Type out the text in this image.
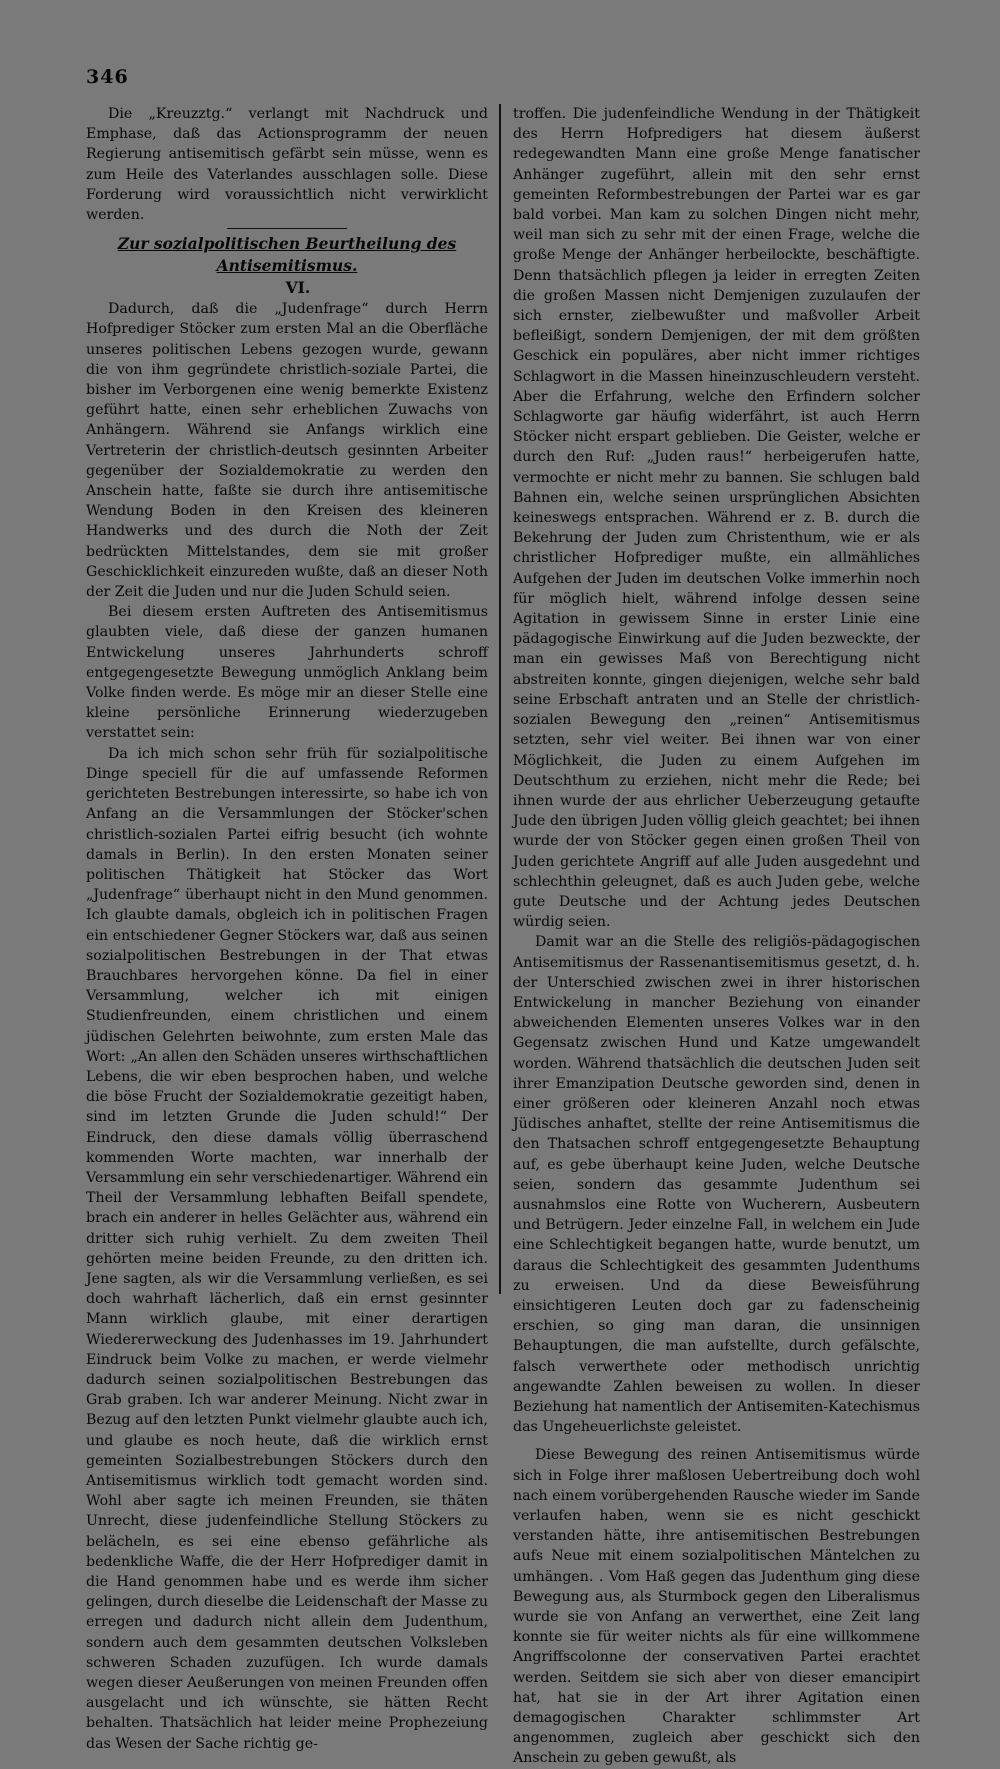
346

Die „Kreuzztg.“ verlangt mit Nachdruck und Emphase, daß das Actionsprogramm der neuen Regierung antisemitisch gefärbt sein müsse, wenn es zum Heile des Vaterlandes ausschlagen solle. Diese Forderung wird voraussichtlich nicht verwirklicht werden.

Zur sozialpolitischen Beurtheilung des Antisemitismus.

VI.

Dadurch, daß die „Judenfrage“ durch Herrn Hofprediger Stöcker zum ersten Mal an die Oberfläche unseres politischen Lebens gezogen wurde, gewann die von ihm gegründete christlich-soziale Partei, die bisher im Verborgenen eine wenig bemerkte Existenz geführt hatte, einen sehr erheblichen Zuwachs von Anhängern. Während sie Anfangs wirklich eine Vertreterin der christlich-deutsch gesinnten Arbeiter gegenüber der Sozialdemokratie zu werden den Anschein hatte, faßte sie durch ihre antisemitische Wendung Boden in den Kreisen des kleineren Handwerks und des durch die Noth der Zeit bedrückten Mittelstandes, dem sie mit großer Geschicklichkeit einzureden wußte, daß an dieser Noth der Zeit die Juden und nur die Juden Schuld seien.

Bei diesem ersten Auftreten des Antisemitismus glaubten viele, daß diese der ganzen humanen Entwickelung unseres Jahrhunderts schroff entgegengesetzte Bewegung unmöglich Anklang beim Volke finden werde. Es möge mir an dieser Stelle eine kleine persönliche Erinnerung wiederzugeben verstattet sein:

Da ich mich schon sehr früh für sozialpolitische Dinge speciell für die auf umfassende Reformen gerichteten Bestrebungen interessirte, so habe ich von Anfang an die Versammlungen der Stöcker'schen christlich-sozialen Partei eifrig besucht (ich wohnte damals in Berlin). In den ersten Monaten seiner politischen Thätigkeit hat Stöcker das Wort „Judenfrage“ überhaupt nicht in den Mund genommen. Ich glaubte damals, obgleich ich in politischen Fragen ein entschiedener Gegner Stöckers war, daß aus seinen sozialpolitischen Bestrebungen in der That etwas Brauchbares hervorgehen könne. Da fiel in einer Versammlung, welcher ich mit einigen Studienfreunden, einem christlichen und einem jüdischen Gelehrten beiwohnte, zum ersten Male das Wort: „An allen den Schäden unseres wirthschaftlichen Lebens, die wir eben besprochen haben, und welche die böse Frucht der Sozialdemokratie gezeitigt haben, sind im letzten Grunde die Juden schuld!“ Der Eindruck, den diese damals völlig überraschend kommenden Worte machten, war innerhalb der Versammlung ein sehr verschiedenartiger. Während ein Theil der Versammlung lebhaften Beifall spendete, brach ein anderer in helles Gelächter aus, während ein dritter sich ruhig verhielt. Zu dem zweiten Theil gehörten meine beiden Freunde, zu den dritten ich. Jene sagten, als wir die Versammlung verließen, es sei doch wahrhaft lächerlich, daß ein ernst gesinnter Mann wirklich glaube, mit einer derartigen Wiedererweckung des Judenhasses im 19. Jahrhundert Eindruck beim Volke zu machen, er werde vielmehr dadurch seinen sozialpolitischen Bestrebungen das Grab graben. Ich war anderer Meinung. Nicht zwar in Bezug auf den letzten Punkt vielmehr glaubte auch ich, und glaube es noch heute, daß die wirklich ernst gemeinten Sozialbestrebungen Stöckers durch den Antisemitismus wirklich todt gemacht worden sind. Wohl aber sagte ich meinen Freunden, sie thäten Unrecht, diese judenfeindliche Stellung Stöckers zu belächeln, es sei eine ebenso gefährliche als bedenkliche Waffe, die der Herr Hofprediger damit in die Hand genommen habe und es werde ihm sicher gelingen, durch dieselbe die Leidenschaft der Masse zu erregen und dadurch nicht allein dem Judenthum, sondern auch dem gesammten deutschen Volksleben schweren Schaden zuzufügen. Ich wurde damals wegen dieser Aeußerungen von meinen Freunden offen ausgelacht und ich wünschte, sie hätten Recht behalten. Thatsächlich hat leider meine Prophezeiung das Wesen der Sache richtig ge-

troffen. Die judenfeindliche Wendung in der Thätigkeit des Herrn Hofpredigers hat diesem äußerst redegewandten Mann eine große Menge fanatischer Anhänger zugeführt, allein mit den sehr ernst gemeinten Reformbestrebungen der Partei war es gar bald vorbei. Man kam zu solchen Dingen nicht mehr, weil man sich zu sehr mit der einen Frage, welche die große Menge der Anhänger herbeilockte, beschäftigte. Denn thatsächlich pflegen ja leider in erregten Zeiten die großen Massen nicht Demjenigen zuzulaufen der sich ernster, zielbewußter und maßvoller Arbeit befleißigt, sondern Demjenigen, der mit dem größten Geschick ein populäres, aber nicht immer richtiges Schlagwort in die Massen hineinzuschleudern versteht. Aber die Erfahrung, welche den Erfindern solcher Schlagworte gar häufig widerfährt, ist auch Herrn Stöcker nicht erspart geblieben. Die Geister, welche er durch den Ruf: „Juden raus!“ herbeigerufen hatte, vermochte er nicht mehr zu bannen. Sie schlugen bald Bahnen ein, welche seinen ursprünglichen Absichten keineswegs entsprachen. Während er z. B. durch die Bekehrung der Juden zum Christenthum, wie er als christlicher Hofprediger mußte, ein allmähliches Aufgehen der Juden im deutschen Volke immerhin noch für möglich hielt, während infolge dessen seine Agitation in gewissem Sinne in erster Linie eine pädagogische Einwirkung auf die Juden bezweckte, der man ein gewisses Maß von Berechtigung nicht abstreiten konnte, gingen diejenigen, welche sehr bald seine Erbschaft antraten und an Stelle der christlich-sozialen Bewegung den „reinen“ Antisemitismus setzten, sehr viel weiter. Bei ihnen war von einer Möglichkeit, die Juden zu einem Aufgehen im Deutschthum zu erziehen, nicht mehr die Rede; bei ihnen wurde der aus ehrlicher Ueberzeugung getaufte Jude den übrigen Juden völlig gleich geachtet; bei ihnen wurde der von Stöcker gegen einen großen Theil von Juden gerichtete Angriff auf alle Juden ausgedehnt und schlechthin geleugnet, daß es auch Juden gebe, welche gute Deutsche und der Achtung jedes Deutschen würdig seien.

Damit war an die Stelle des religiös-pädagogischen Antisemitismus der Rassenantisemitismus gesetzt, d. h. der Unterschied zwischen zwei in ihrer historischen Entwickelung in mancher Beziehung von einander abweichenden Elementen unseres Volkes war in den Gegensatz zwischen Hund und Katze umgewandelt worden. Während thatsächlich die deutschen Juden seit ihrer Emanzipation Deutsche geworden sind, denen in einer größeren oder kleineren Anzahl noch etwas Jüdisches anhaftet, stellte der reine Antisemitismus die den Thatsachen schroff entgegengesetzte Behauptung auf, es gebe überhaupt keine Juden, welche Deutsche seien, sondern das gesammte Judenthum sei ausnahmslos eine Rotte von Wucherern, Ausbeutern und Betrügern. Jeder einzelne Fall, in welchem ein Jude eine Schlechtigkeit begangen hatte, wurde benutzt, um daraus die Schlechtigkeit des gesammten Judenthums zu erweisen. Und da diese Beweisführung einsichtigeren Leuten doch gar zu fadenscheinig erschien, so ging man daran, die unsinnigen Behauptungen, die man aufstellte, durch gefälschte, falsch verwerthete oder methodisch unrichtig angewandte Zahlen beweisen zu wollen. In dieser Beziehung hat namentlich der Antisemiten-Katechismus das Ungeheuerlichste geleistet.

Diese Bewegung des reinen Antisemitismus würde sich in Folge ihrer maßlosen Uebertreibung doch wohl nach einem vorübergehenden Rausche wieder im Sande verlaufen haben, wenn sie es nicht geschickt verstanden hätte, ihre antisemitischen Bestrebungen aufs Neue mit einem sozialpolitischen Mäntelchen zu umhängen. . Vom Haß gegen das Judenthum ging diese Bewegung aus, als Sturmbock gegen den Liberalismus wurde sie von Anfang an verwerthet, eine Zeit lang konnte sie für weiter nichts als für eine willkommene Angriffscolonne der conservativen Partei erachtet werden. Seitdem sie sich aber von dieser emancipirt hat, hat sie in der Art ihrer Agitation einen demagogischen Charakter schlimmster Art angenommen, zugleich aber geschickt sich den Anschein zu geben gewußt, als
